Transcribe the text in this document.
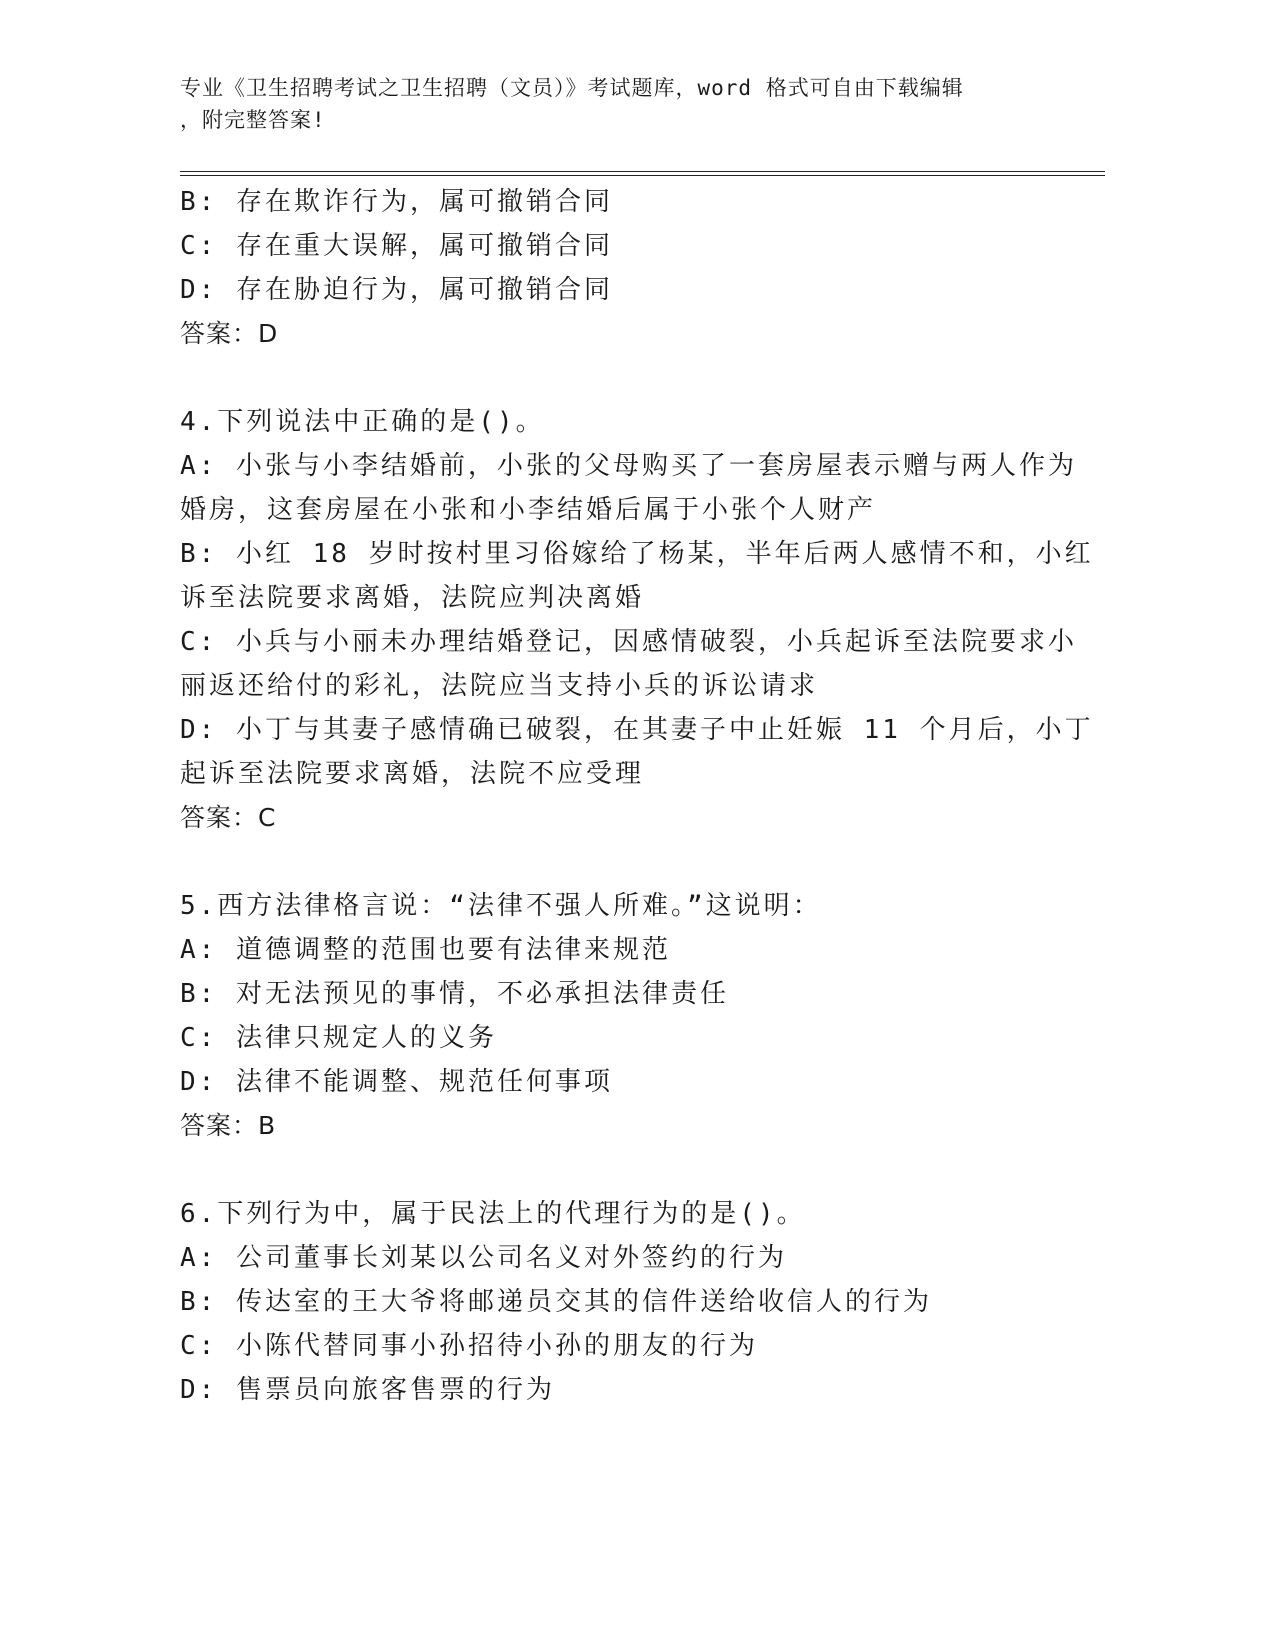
专业《卫生招聘考试之卫生招聘（文员）》考试题库，word 格式可自由下载编辑
，附完整答案!
B: 存在欺诈行为，属可撤销合同
C: 存在重大误解，属可撤销合同
D: 存在胁迫行为，属可撤销合同
答案：D
4.下列说法中正确的是()。
A: 小张与小李结婚前，小张的父母购买了一套房屋表示赠与两人作为
婚房，这套房屋在小张和小李结婚后属于小张个人财产
B: 小红 18 岁时按村里习俗嫁给了杨某，半年后两人感情不和，小红
诉至法院要求离婚，法院应判决离婚
C: 小兵与小丽未办理结婚登记，因感情破裂，小兵起诉至法院要求小
丽返还给付的彩礼，法院应当支持小兵的诉讼请求
D: 小丁与其妻子感情确已破裂，在其妻子中止妊娠 11 个月后，小丁
起诉至法院要求离婚，法院不应受理
答案：C
5.西方法律格言说：“法律不强人所难。”这说明：
A: 道德调整的范围也要有法律来规范
B: 对无法预见的事情，不必承担法律责任
C: 法律只规定人的义务
D: 法律不能调整、规范任何事项
答案：B
6.下列行为中，属于民法上的代理行为的是()。
A: 公司董事长刘某以公司名义对外签约的行为
B: 传达室的王大爷将邮递员交其的信件送给收信人的行为
C: 小陈代替同事小孙招待小孙的朋友的行为
D: 售票员向旅客售票的行为
